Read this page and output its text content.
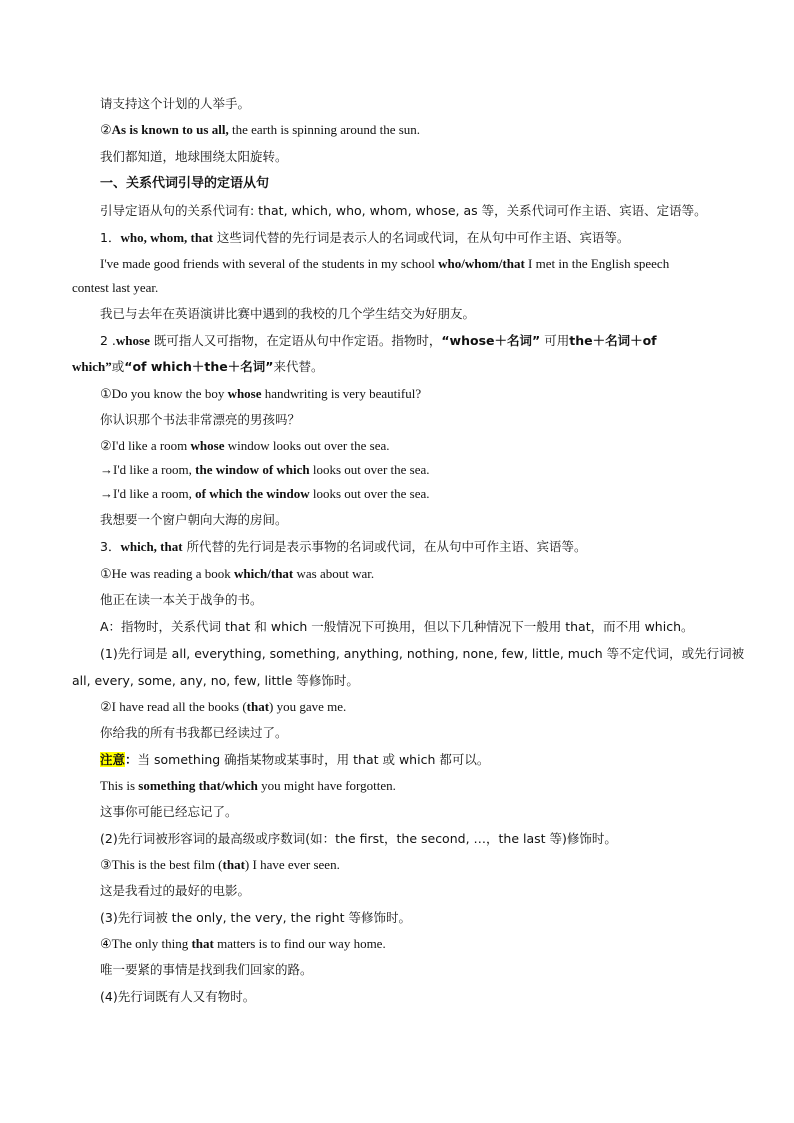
请支持这个计划的人举手。
②As is known to us all, the earth is spinning around the sun.
我们都知道，地球围绕太阳旋转。
一、关系代词引导的定语从句
引导定语从句的关系代词有: that, which, who, whom, whose, as 等，关系代词可作主语、宾语、定语等。
1．who, whom, that 这些词代替的先行词是表示人的名词或代词，在从句中可作主语、宾语等。
I've made good friends with several of the students in my school who/whom/that I met in the English speech
contest last year.
我已与去年在英语演讲比赛中遇到的我校的几个学生结交为好朋友。
2 .whose 既可指人又可指物，在定语从句中作定语。指物时，“whose＋名词” 可用the＋名词＋of
which”或“of which＋the＋名词”来代替。
①Do you know the boy whose handwriting is very beautiful?
你认识那个书法非常漂亮的男孩吗？
②I'd like a room whose window looks out over the sea.
→I'd like a room, the window of which looks out over the sea.
→I'd like a room, of which the window looks out over the sea.
我想要一个窗户朝向大海的房间。
3．which, that 所代替的先行词是表示事物的名词或代词，在从句中可作主语、宾语等。
①He was reading a book which/that was about war.
他正在读一本关于战争的书。
A：指物时，关系代词 that 和 which 一般情况下可换用，但以下几种情况下一般用 that，而不用 which。
(1)先行词是 all, everything, something, anything, nothing, none, few, little, much 等不定代词，或先行词被
all, every, some, any, no, few, little 等修饰时。
②I have read all the books (that) you gave me.
你给我的所有书我都已经读过了。
注意：当 something 确指某物或某事时，用 that 或 which 都可以。
This is something that/which you might have forgotten.
这事你可能已经忘记了。
(2)先行词被形容词的最高级或序数词(如：the first，the second, …，the last 等)修饰时。
③This is the best film (that) I have ever seen.
这是我看过的最好的电影。
(3)先行词被 the only, the very, the right 等修饰时。
④The only thing that matters is to find our way home.
唯一要紧的事情是找到我们回家的路。
(4)先行词既有人又有物时。
